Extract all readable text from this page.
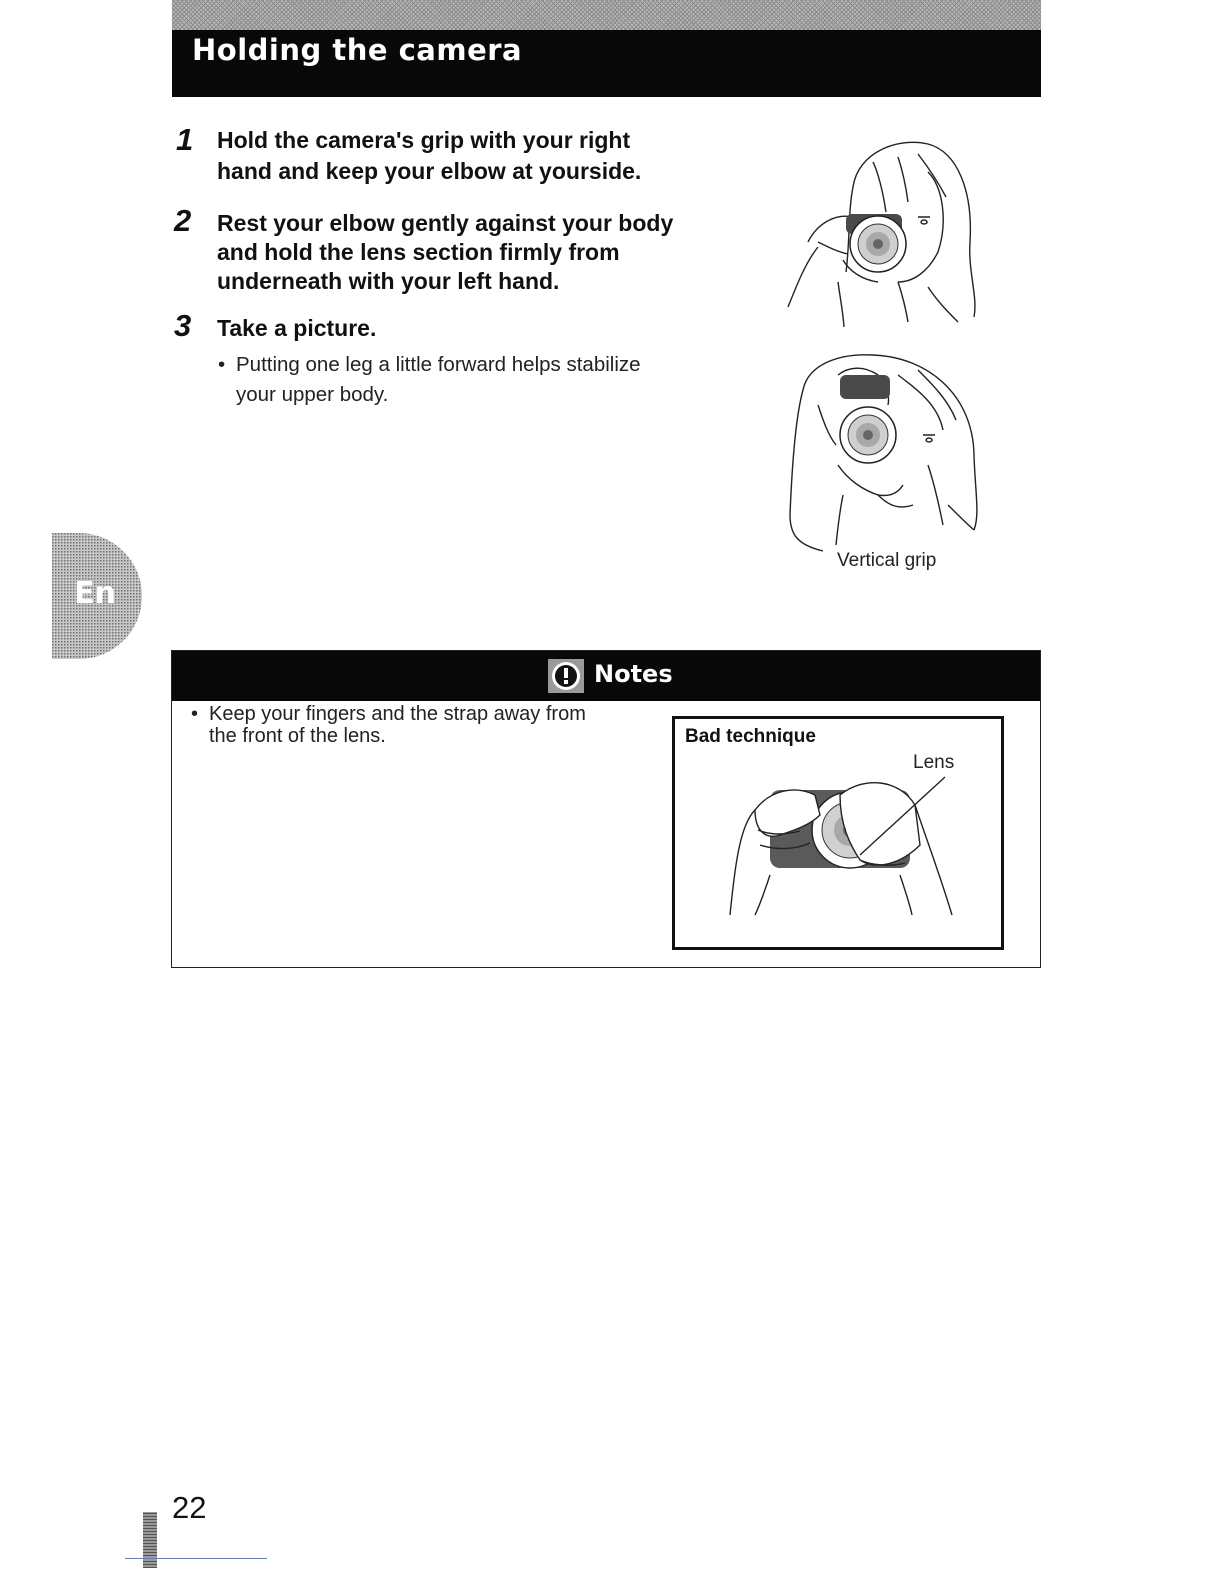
Holding the camera
1 Hold the camera's grip with your right
hand and keep your elbow at yourside.
2 Rest your elbow gently against your body
and hold the lens section firmly from
underneath with your left hand.
3 Take a picture.
• Putting one leg a little forward helps stabilize
your upper body.
Vertical grip
En
Notes
• Keep your fingers and the strap away from
the front of the lens.	Bad technique
Lens
22
